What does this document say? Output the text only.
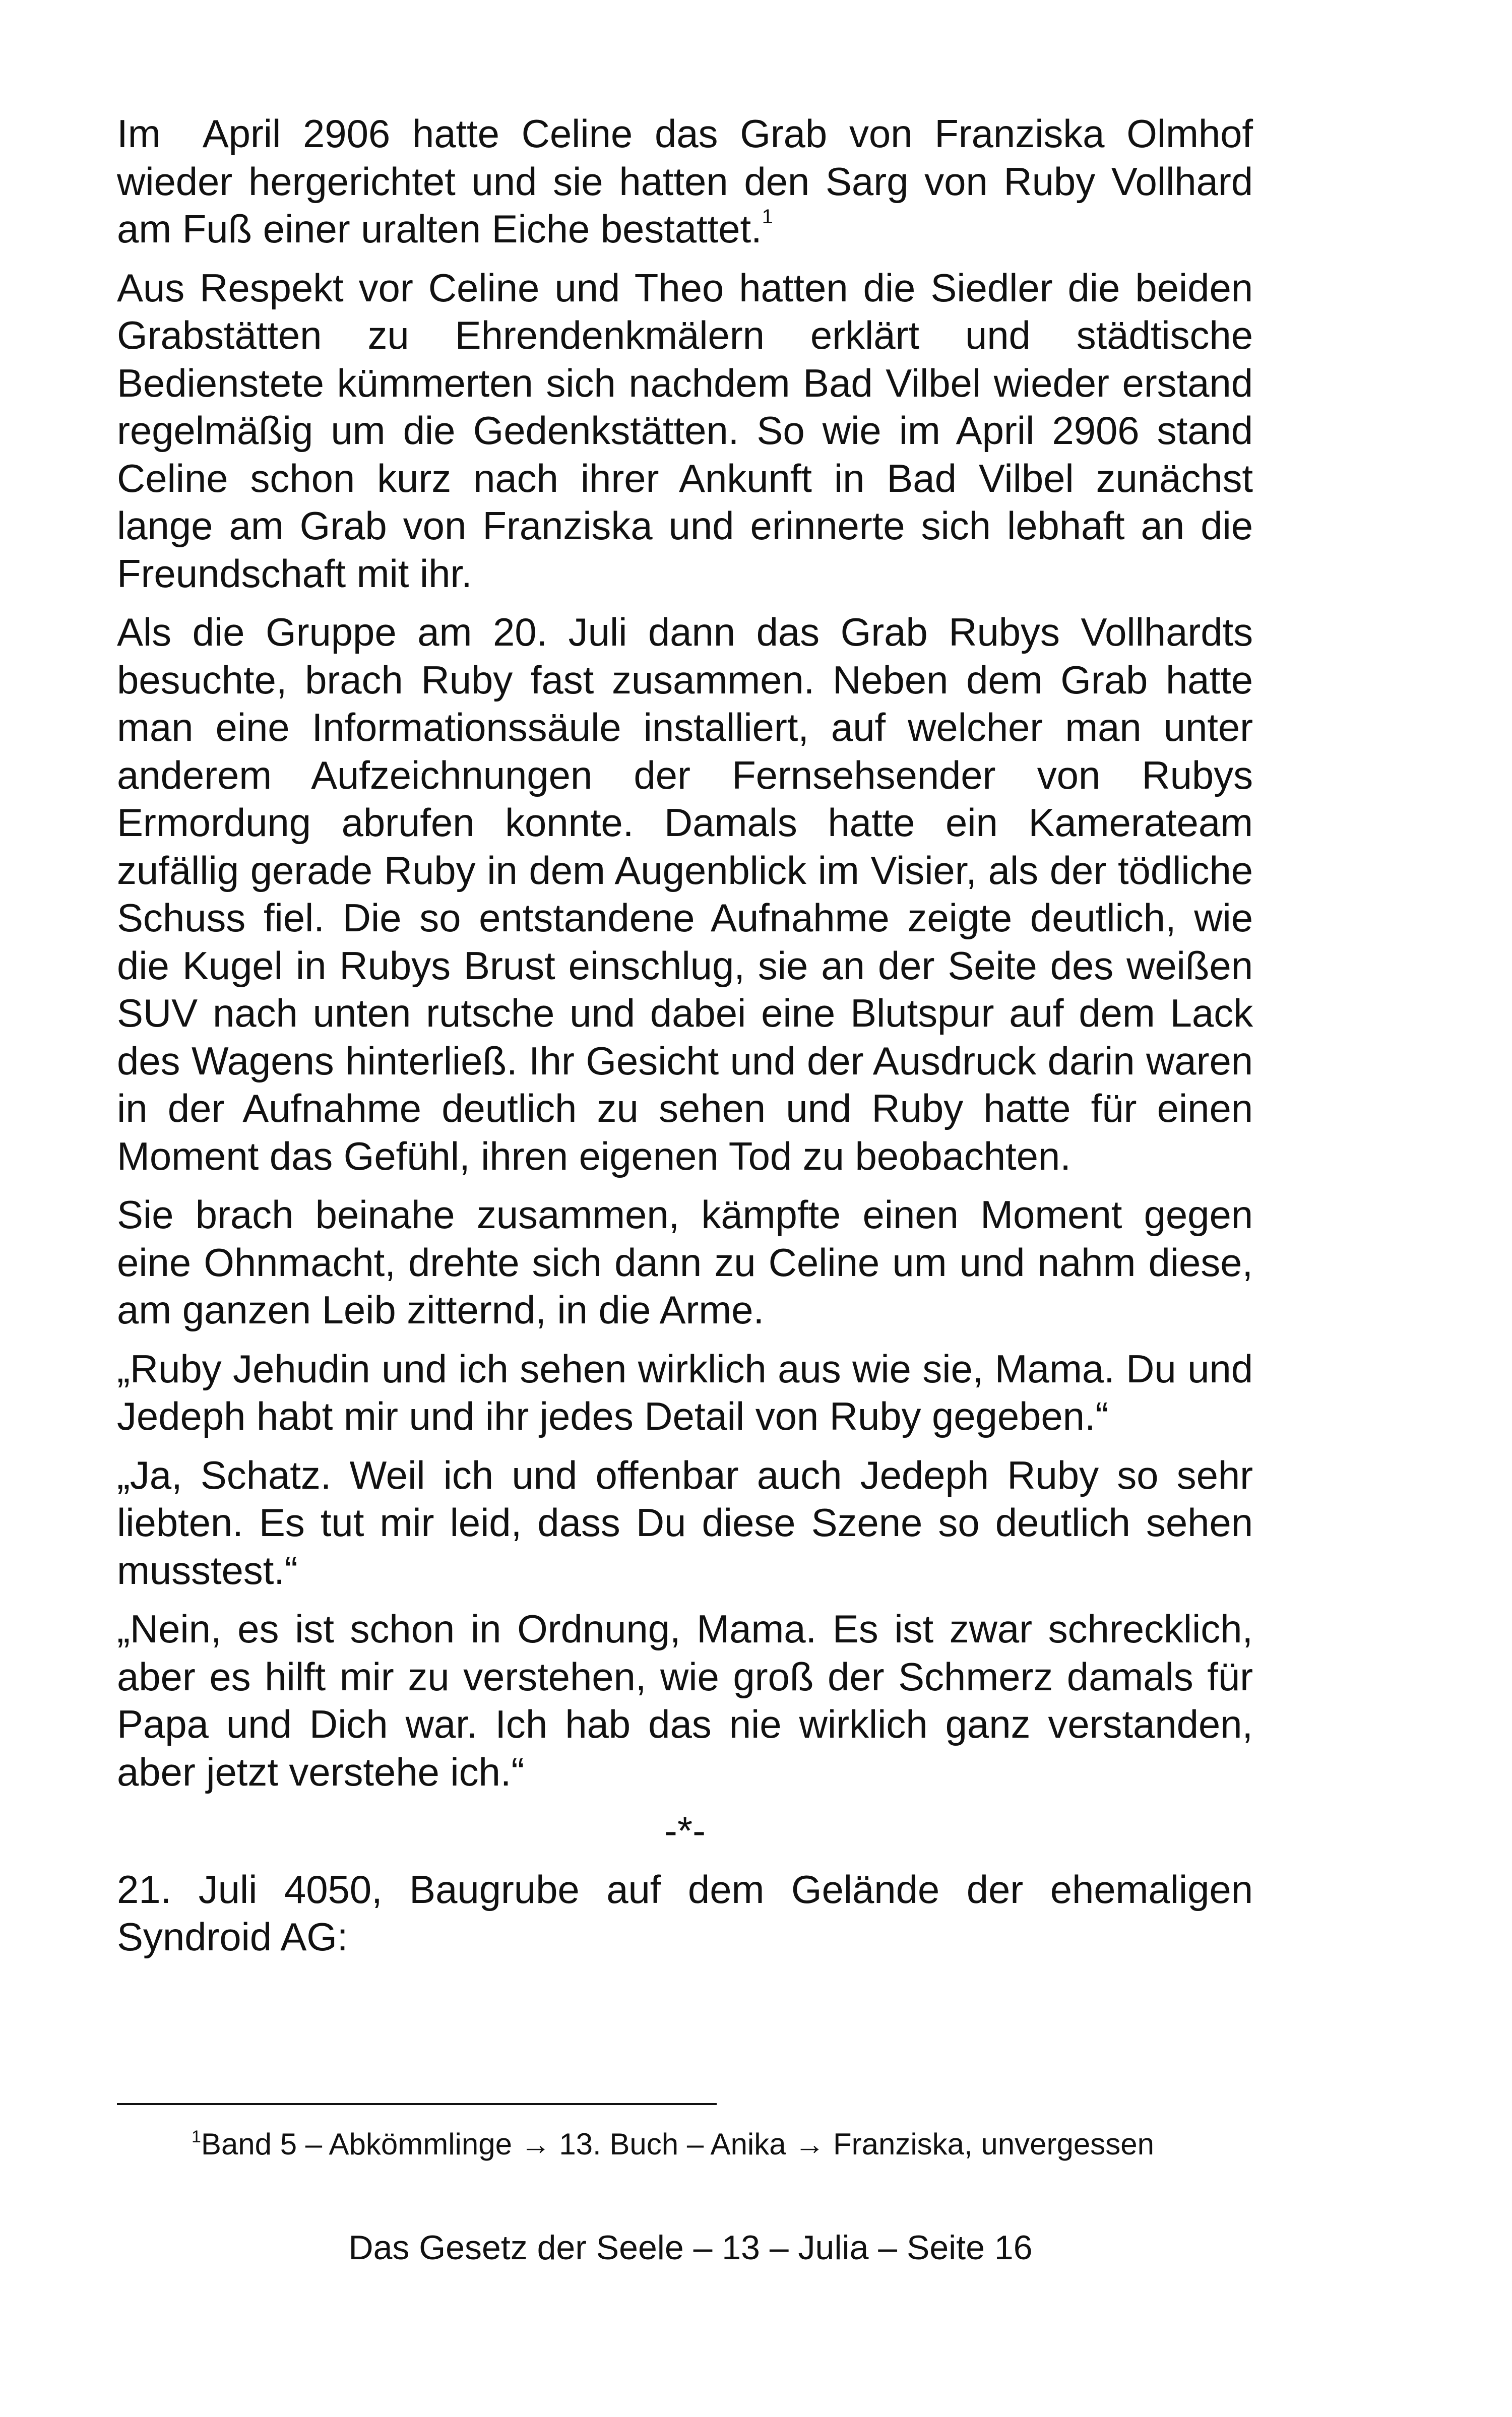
Im  April 2906 hatte Celine das Grab von Franziska Olmhof wieder hergerichtet und sie hatten den Sarg von Ruby Vollhard am Fuß einer uralten Eiche bestattet.$^1$

Aus Respekt vor Celine und Theo hatten die Siedler die beiden Grabstätten zu Ehrendenkmälern erklärt und städtische Bedienstete kümmerten sich nachdem Bad Vilbel wieder erstand regelmäßig um die Gedenkstätten. So wie im April 2906 stand Celine schon kurz nach ihrer Ankunft in Bad Vilbel zunächst lange am Grab von Franziska und erinnerte sich lebhaft an die Freundschaft mit ihr.

Als die Gruppe am 20. Juli dann das Grab Rubys Vollhardts besuchte, brach Ruby fast zusammen. Neben dem Grab hatte man eine Informationssäule installiert, auf welcher man unter anderem Aufzeichnungen der Fernsehsender von Rubys Ermordung abrufen konnte. Damals hatte ein Kamerateam zufällig gerade Ruby in dem Augenblick im Visier, als der tödliche Schuss fiel. Die so entstandene Aufnahme zeigte deutlich, wie die Kugel in Rubys Brust einschlug, sie an der Seite des weißen SUV nach unten rutsche und dabei eine Blutspur auf dem Lack des Wagens hinterließ. Ihr Gesicht und der Ausdruck darin waren in der Aufnahme deutlich zu sehen und Ruby hatte für einen Moment das Gefühl, ihren eigenen Tod zu beobachten.

Sie brach beinahe zusammen, kämpfte einen Moment gegen eine Ohnmacht, drehte sich dann zu Celine um und nahm diese, am ganzen Leib zitternd, in die Arme.

„Ruby Jehudin und ich sehen wirklich aus wie sie, Mama. Du und Jedeph habt mir und ihr jedes Detail von Ruby gegeben.“

„Ja, Schatz. Weil ich und offenbar auch Jedeph Ruby so sehr liebten. Es tut mir leid, dass Du diese Szene so deutlich sehen musstest.“

„Nein, es ist schon in Ordnung, Mama. Es ist zwar schrecklich, aber es hilft mir zu verstehen, wie groß der Schmerz damals für Papa und Dich war. Ich hab das nie wirklich ganz verstanden, aber jetzt verstehe ich.“

-*-

21. Juli 4050, Baugrube auf dem Gelände der ehemaligen Syndroid AG:

$^1$Band 5 – Abkömmlinge → 13. Buch – Anika → Franziska, unvergessen
Das Gesetz der Seele – 13 – Julia – Seite 16
